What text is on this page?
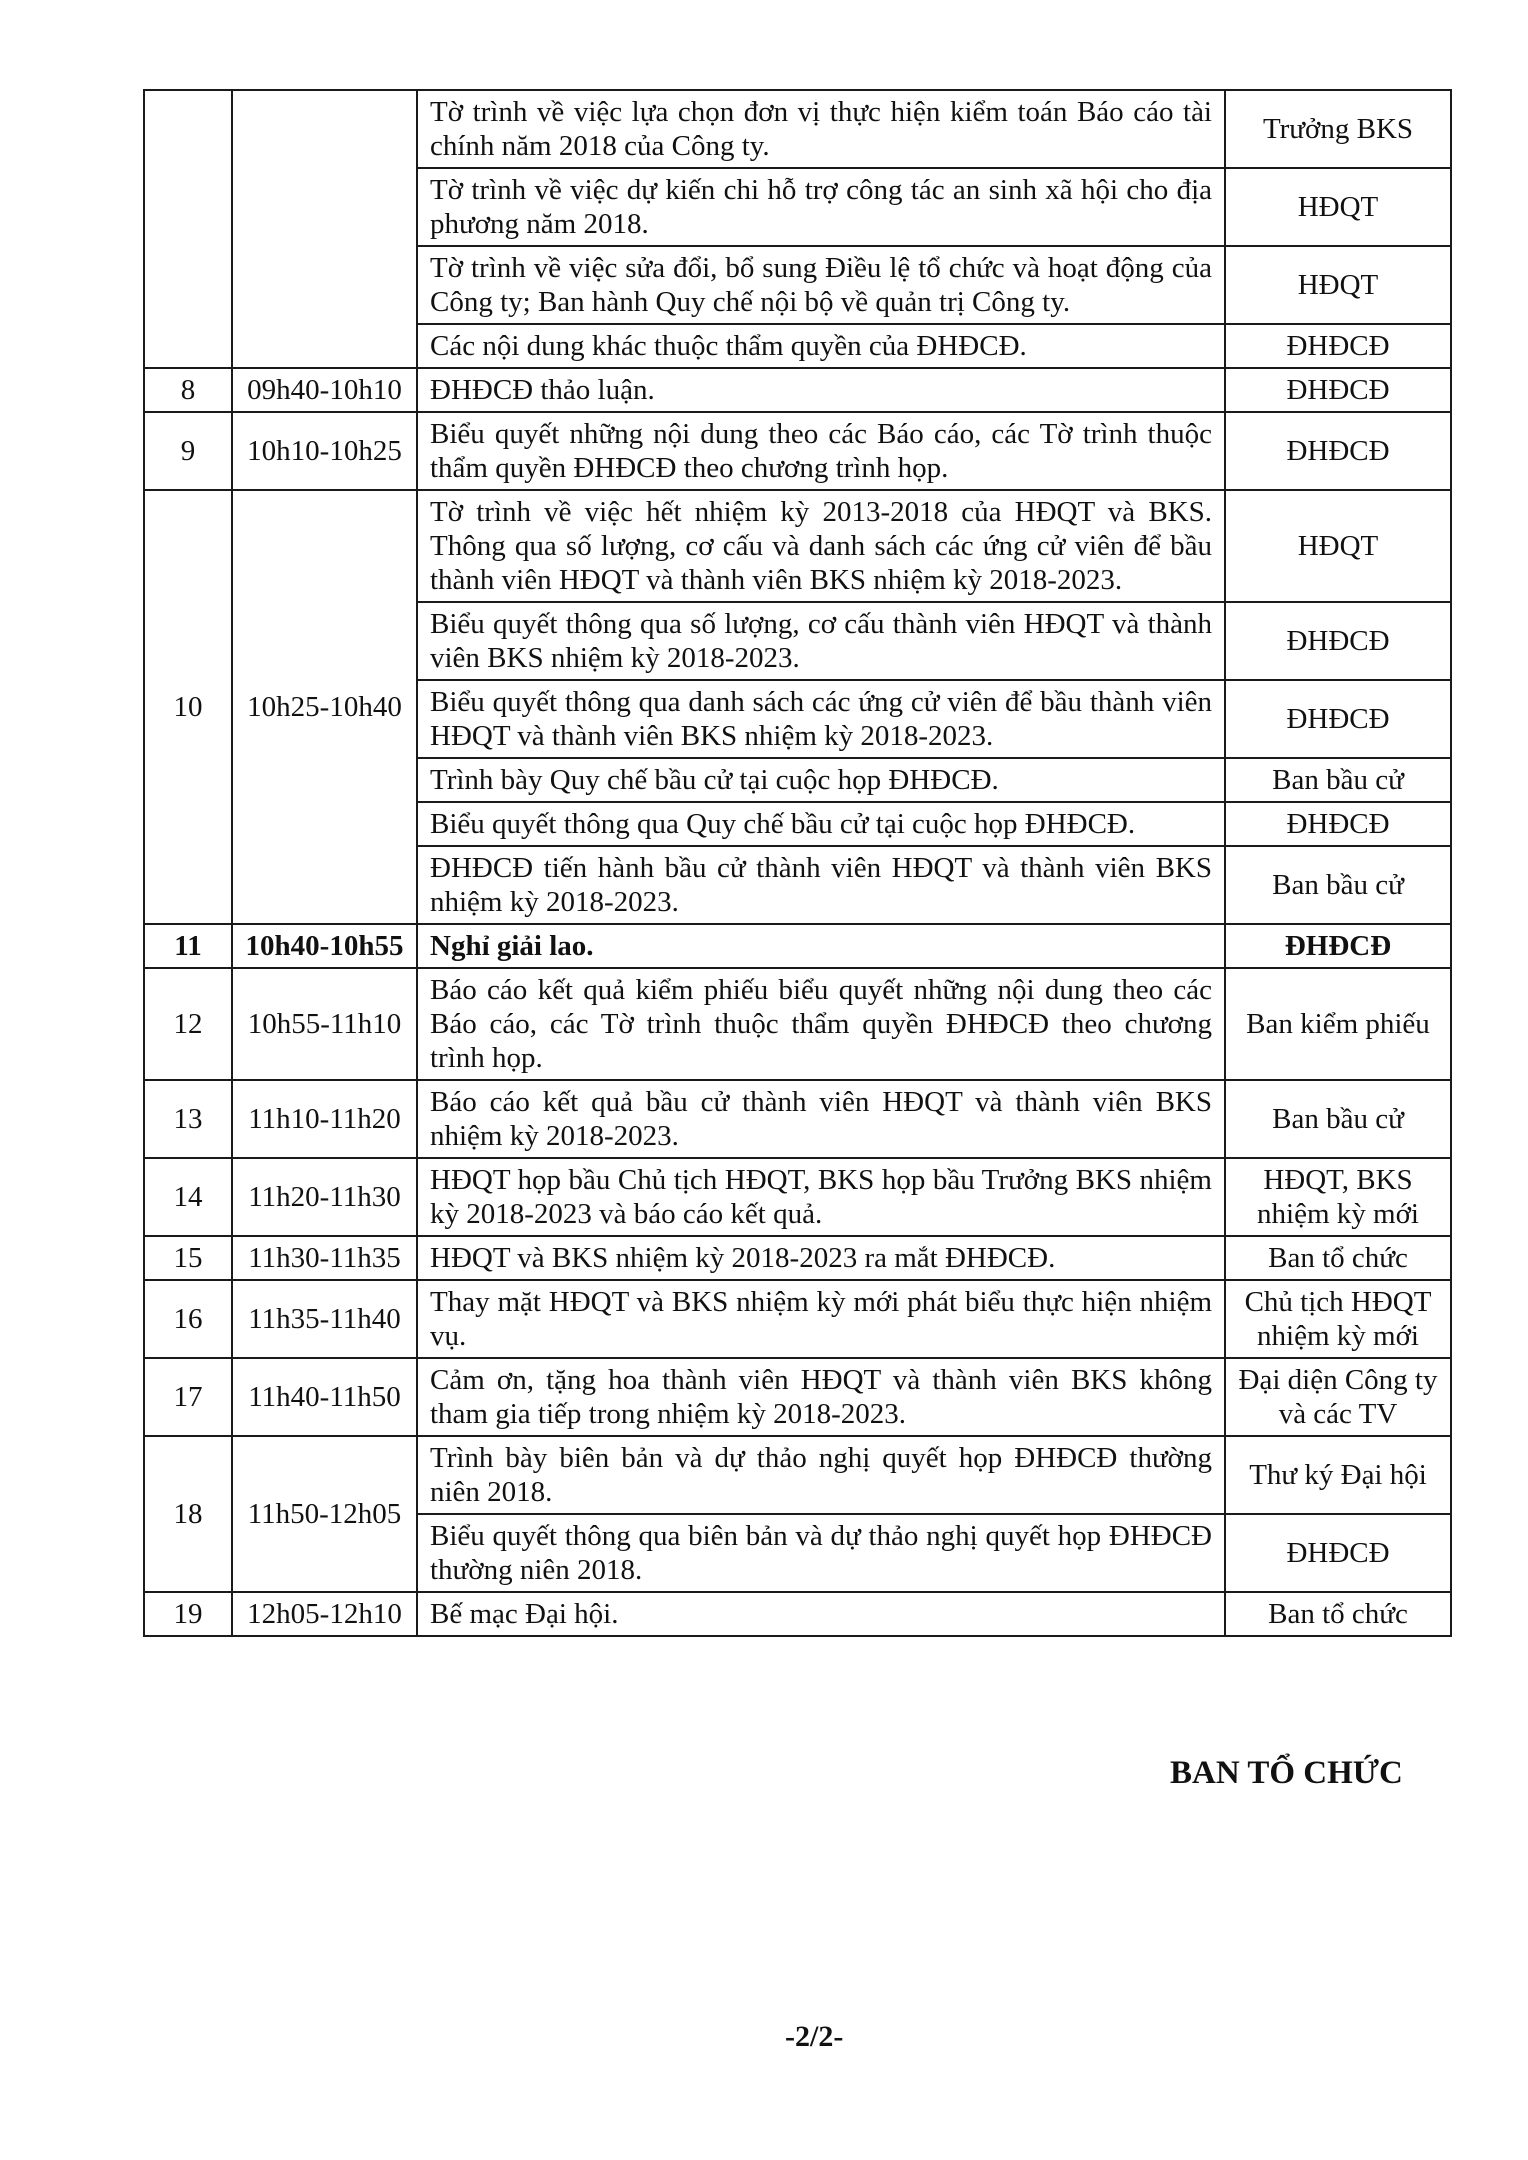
		Tờ trình về việc lựa chọn đơn vị thực hiện kiểm toán Báo cáo tài chính năm 2018 của Công ty.	Trưởng BKS
		Tờ trình về việc dự kiến chi hỗ trợ công tác an sinh xã hội cho địa phương năm 2018.	HĐQT
		Tờ trình về việc sửa đổi, bổ sung Điều lệ tổ chức và hoạt động của Công ty; Ban hành Quy chế nội bộ về quản trị Công ty.	HĐQT
		Các nội dung khác thuộc thẩm quyền của ĐHĐCĐ.	ĐHĐCĐ
8	09h40-10h10	ĐHĐCĐ thảo luận.	ĐHĐCĐ
9	10h10-10h25	Biểu quyết những nội dung theo các Báo cáo, các Tờ trình thuộc thẩm quyền ĐHĐCĐ theo chương trình họp.	ĐHĐCĐ
10	10h25-10h40	Tờ trình về việc hết nhiệm kỳ 2013-2018 của HĐQT và BKS. Thông qua số lượng, cơ cấu và danh sách các ứng cử viên để bầu thành viên HĐQT và thành viên BKS nhiệm kỳ 2018-2023.	HĐQT
		Biểu quyết thông qua số lượng, cơ cấu thành viên HĐQT và thành viên BKS nhiệm kỳ 2018-2023.	ĐHĐCĐ
		Biểu quyết thông qua danh sách các ứng cử viên để bầu thành viên HĐQT và thành viên BKS nhiệm kỳ 2018-2023.	ĐHĐCĐ
		Trình bày Quy chế bầu cử tại cuộc họp ĐHĐCĐ.	Ban bầu cử
		Biểu quyết thông qua Quy chế bầu cử tại cuộc họp ĐHĐCĐ.	ĐHĐCĐ
		ĐHĐCĐ tiến hành bầu cử thành viên HĐQT và thành viên BKS nhiệm kỳ 2018-2023.	Ban bầu cử
11	10h40-10h55	Nghỉ giải lao.	ĐHĐCĐ
12	10h55-11h10	Báo cáo kết quả kiểm phiếu biểu quyết những nội dung theo các Báo cáo, các Tờ trình thuộc thẩm quyền ĐHĐCĐ theo chương trình họp.	Ban kiểm phiếu
13	11h10-11h20	Báo cáo kết quả bầu cử thành viên HĐQT và thành viên BKS nhiệm kỳ 2018-2023.	Ban bầu cử
14	11h20-11h30	HĐQT họp bầu Chủ tịch HĐQT, BKS họp bầu Trưởng BKS nhiệm kỳ 2018-2023 và báo cáo kết quả.	HĐQT, BKS nhiệm kỳ mới
15	11h30-11h35	HĐQT và BKS nhiệm kỳ 2018-2023 ra mắt ĐHĐCĐ.	Ban tổ chức
16	11h35-11h40	Thay mặt HĐQT và BKS nhiệm kỳ mới phát biểu thực hiện nhiệm vụ.	Chủ tịch HĐQT nhiệm kỳ mới
17	11h40-11h50	Cảm ơn, tặng hoa thành viên HĐQT và thành viên BKS không tham gia tiếp trong nhiệm kỳ 2018-2023.	Đại diện Công ty và các TV
18	11h50-12h05	Trình bày biên bản và dự thảo nghị quyết họp ĐHĐCĐ thường niên 2018.	Thư ký Đại hội
		Biểu quyết thông qua biên bản và dự thảo nghị quyết họp ĐHĐCĐ thường niên 2018.	ĐHĐCĐ
19	12h05-12h10	Bế mạc Đại hội.	Ban tổ chức
BAN TỔ CHỨC
-2/2-
